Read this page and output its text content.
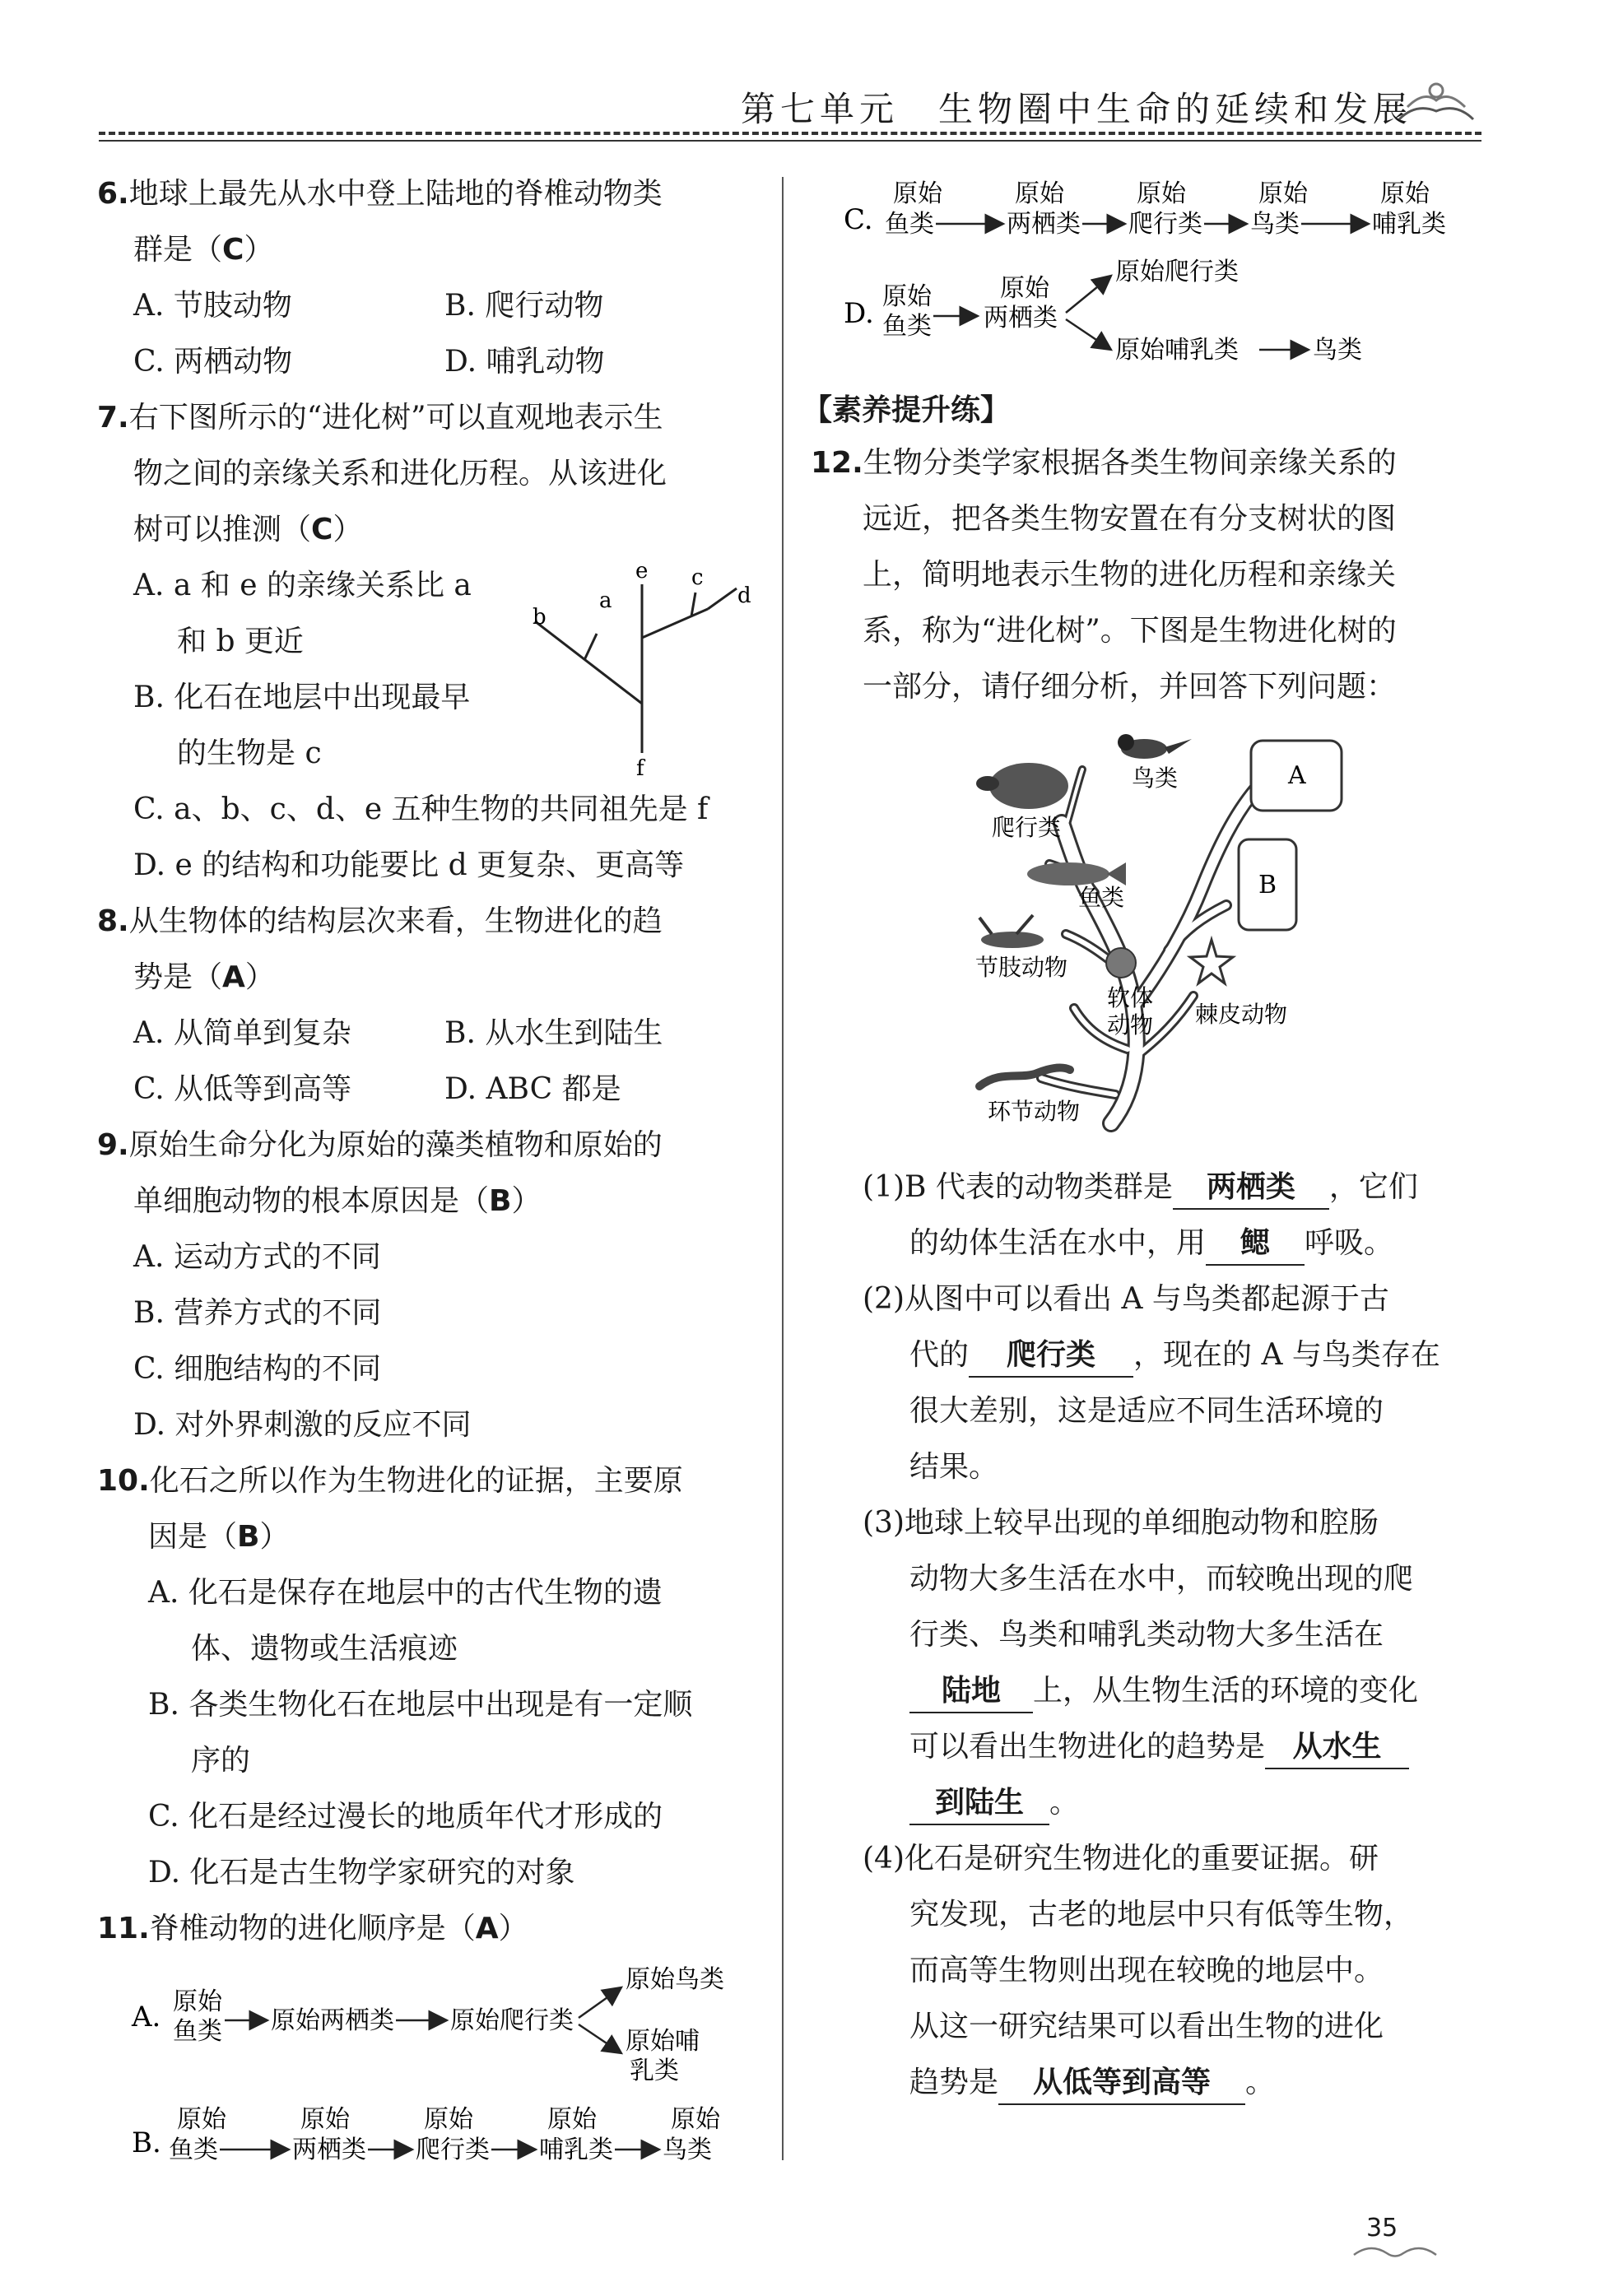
第七单元　生物圈中生命的延续和发展
6.地球上最先从水中登上陆地的脊椎动物类
群是（C）
A. 节肢动物	B. 爬行动物
C. 两栖动物	D. 哺乳动物
7.右下图所示的“进化树”可以直观地表示生
物之间的亲缘关系和进化历程。从该进化
树可以推测（C）
A. a 和 e 的亲缘关系比 a
和 b 更近
B. 化石在地层中出现最早
的生物是 c
C. a、b、c、d、e 五种生物的共同祖先是 f
D. e 的结构和功能要比 d 更复杂、更高等
a
b
c
d
e
f
8.从生物体的结构层次来看，生物进化的趋
势是（A）
A. 从简单到复杂	B. 从水生到陆生
C. 从低等到高等	D. ABC 都是
9.原始生命分化为原始的藻类植物和原始的
单细胞动物的根本原因是（B）
A. 运动方式的不同
B. 营养方式的不同
C. 细胞结构的不同
D. 对外界刺激的反应不同
10.化石之所以作为生物进化的证据，主要原
因是（B）
A. 化石是保存在地层中的古代生物的遗
体、遗物或生活痕迹
B. 各类生物化石在地层中出现是有一定顺
序的
C. 化石是经过漫长的地质年代才形成的
D. 化石是古生物学家研究的对象
11.脊椎动物的进化顺序是（A）
A. 原始
鱼类 原始两栖类 原始爬行类
原始鸟类
原始哺
乳类
B.
原始
鱼类
原始
两栖类
原始
爬行类
原始
哺乳类
原始
鸟类
C.
原始
鱼类
原始
两栖类
原始
爬行类
原始
鸟类
原始
哺乳类
D.
原始
鱼类
原始
两栖类
原始爬行类
原始哺乳类	鸟类
【素养提升练】
12.生物分类学家根据各类生物间亲缘关系的
远近，把各类生物安置在有分支树状的图
上，简明地表示生物的进化历程和亲缘关
系，称为“进化树”。下图是生物进化树的
一部分，请仔细分析，并回答下列问题：
A
B
鸟类
爬行类
鱼类
节肢动物
软体
动物 棘皮动物
环节动物
(1)B 代表的动物类群是 两栖类 ，它们
的幼体生活在水中，用 鳃 呼吸。
(2)从图中可以看出 A 与鸟类都起源于古
代的 爬行类 ，现在的 A 与鸟类存在
很大差别，这是适应不同生活环境的
结果。
(3)地球上较早出现的单细胞动物和腔肠
动物大多生活在水中，而较晚出现的爬
行类、鸟类和哺乳类动物大多生活在
陆地 上，从生物生活的环境的变化
可以看出生物进化的趋势是 从水生
到陆生 。
(4)化石是研究生物进化的重要证据。研
究发现，古老的地层中只有低等生物，
而高等生物则出现在较晚的地层中。
从这一研究结果可以看出生物的进化
趋势是 从低等到高等 。
35
